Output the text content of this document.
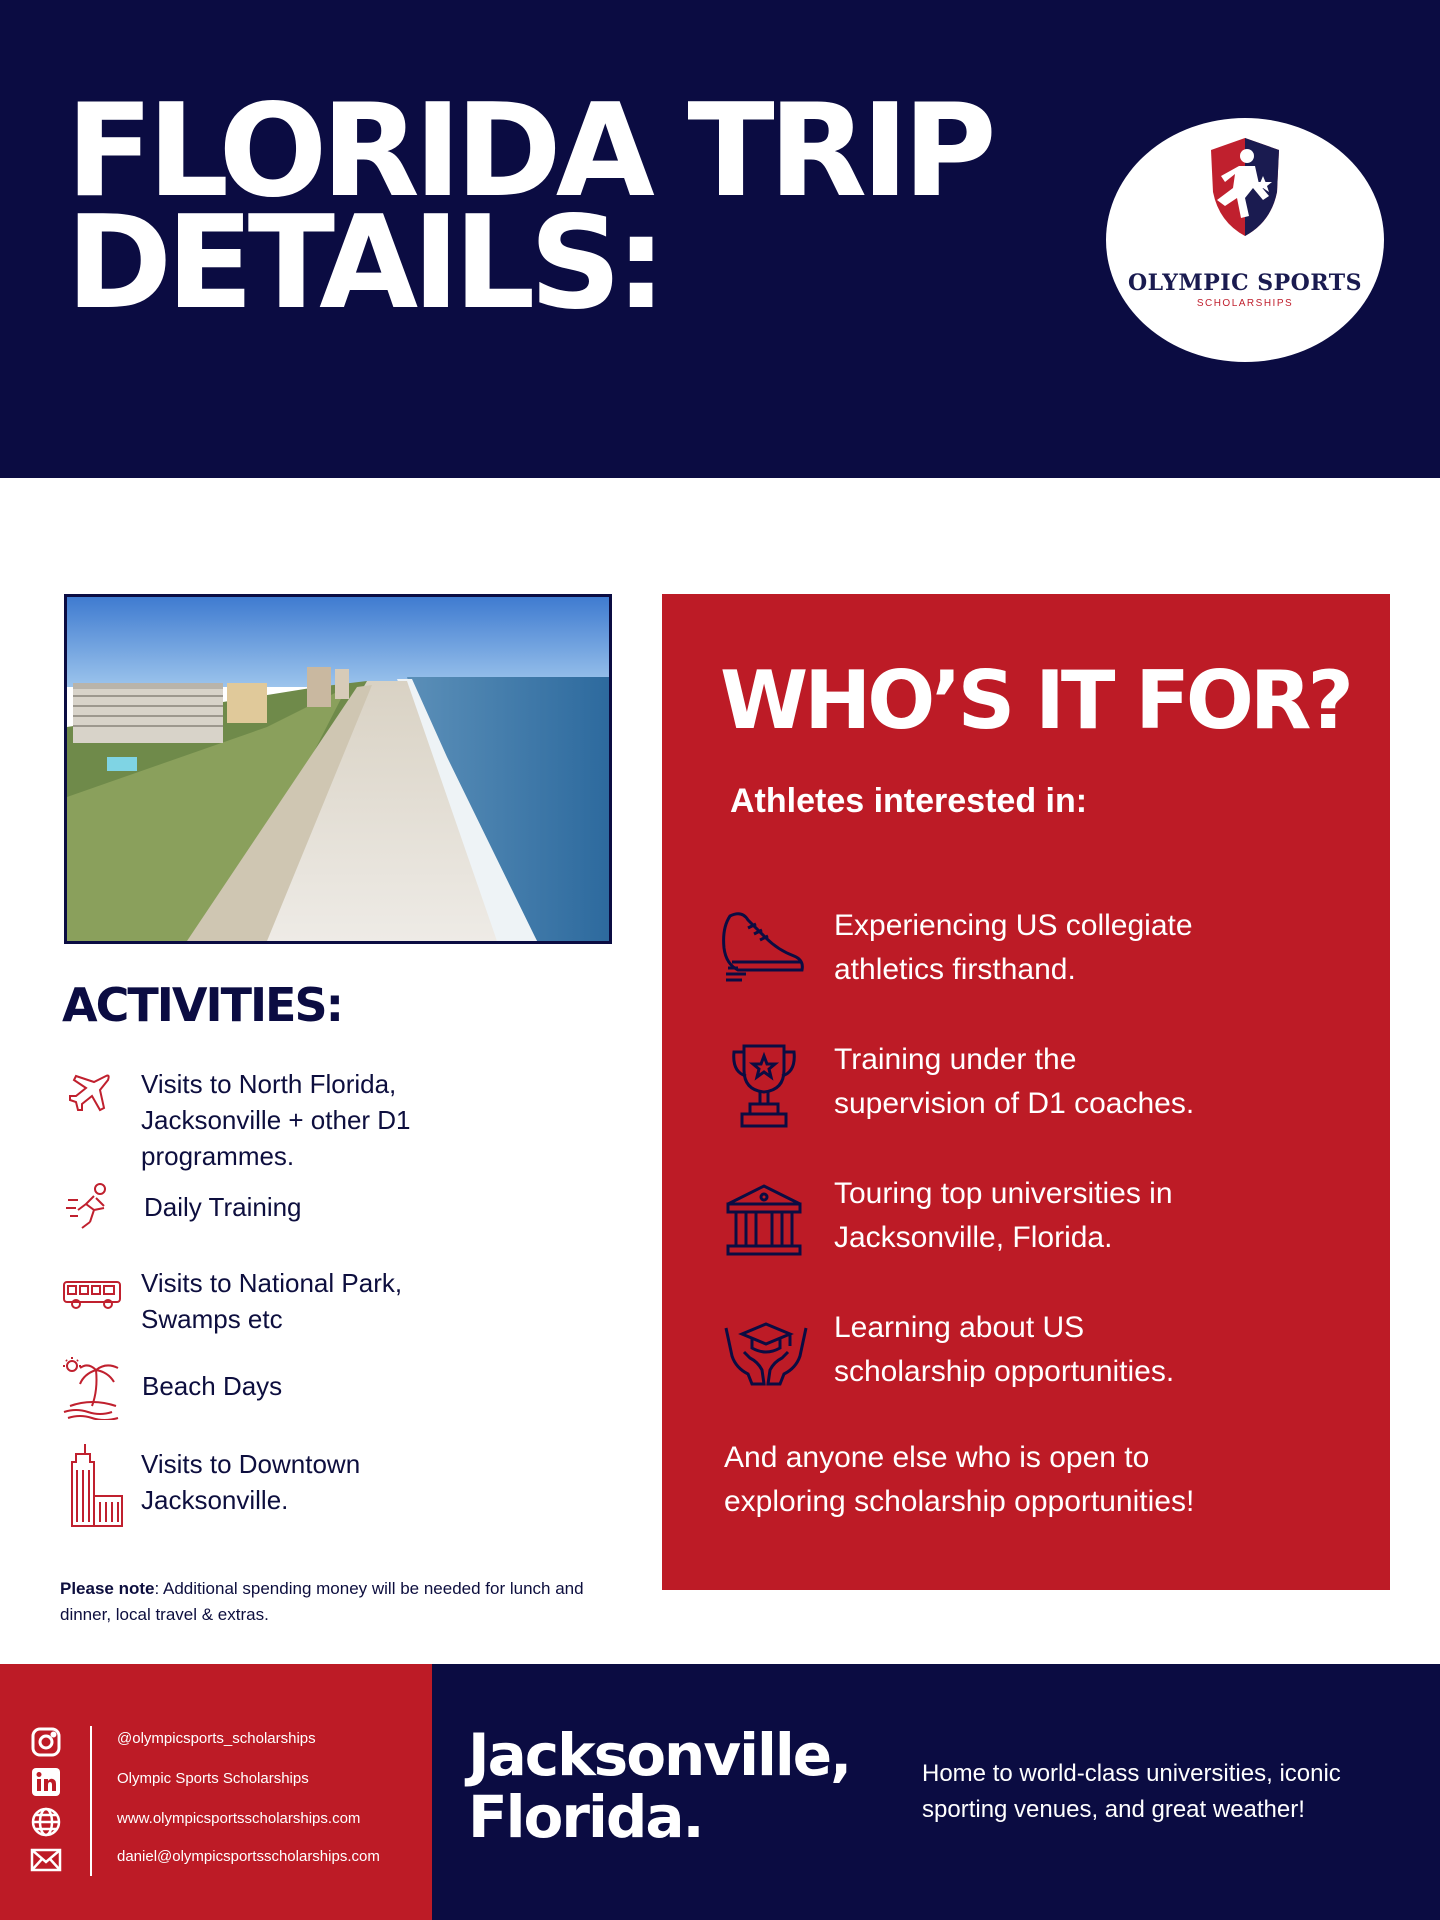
FLORIDA TRIP
DETAILS:	OLYMPIC SPORTS
SCHOLARSHIPS
ACTIVITIES:
Visits to North Florida,
Jacksonville + other D1
programmes.
Daily Training
Visits to National Park,
Swamps etc
Beach Days
Visits to Downtown
Jacksonville.
Please note: Additional spending money will be needed for lunch and dinner, local travel & extras.
WHO’S IT FOR?
Athletes interested in:
Experiencing US collegiate
athletics firsthand.
Training under the
supervision of D1 coaches.
Touring top universities in
Jacksonville, Florida.
Learning about US
scholarship opportunities.
And anyone else who is open to
exploring scholarship opportunities!
@olympicsports_scholarships
Olympic Sports Scholarships
www.olympicsportsscholarships.com
daniel@olympicsportsscholarships.com
Jacksonville,
Florida.
Home to world-class universities, iconic sporting venues, and great weather!
